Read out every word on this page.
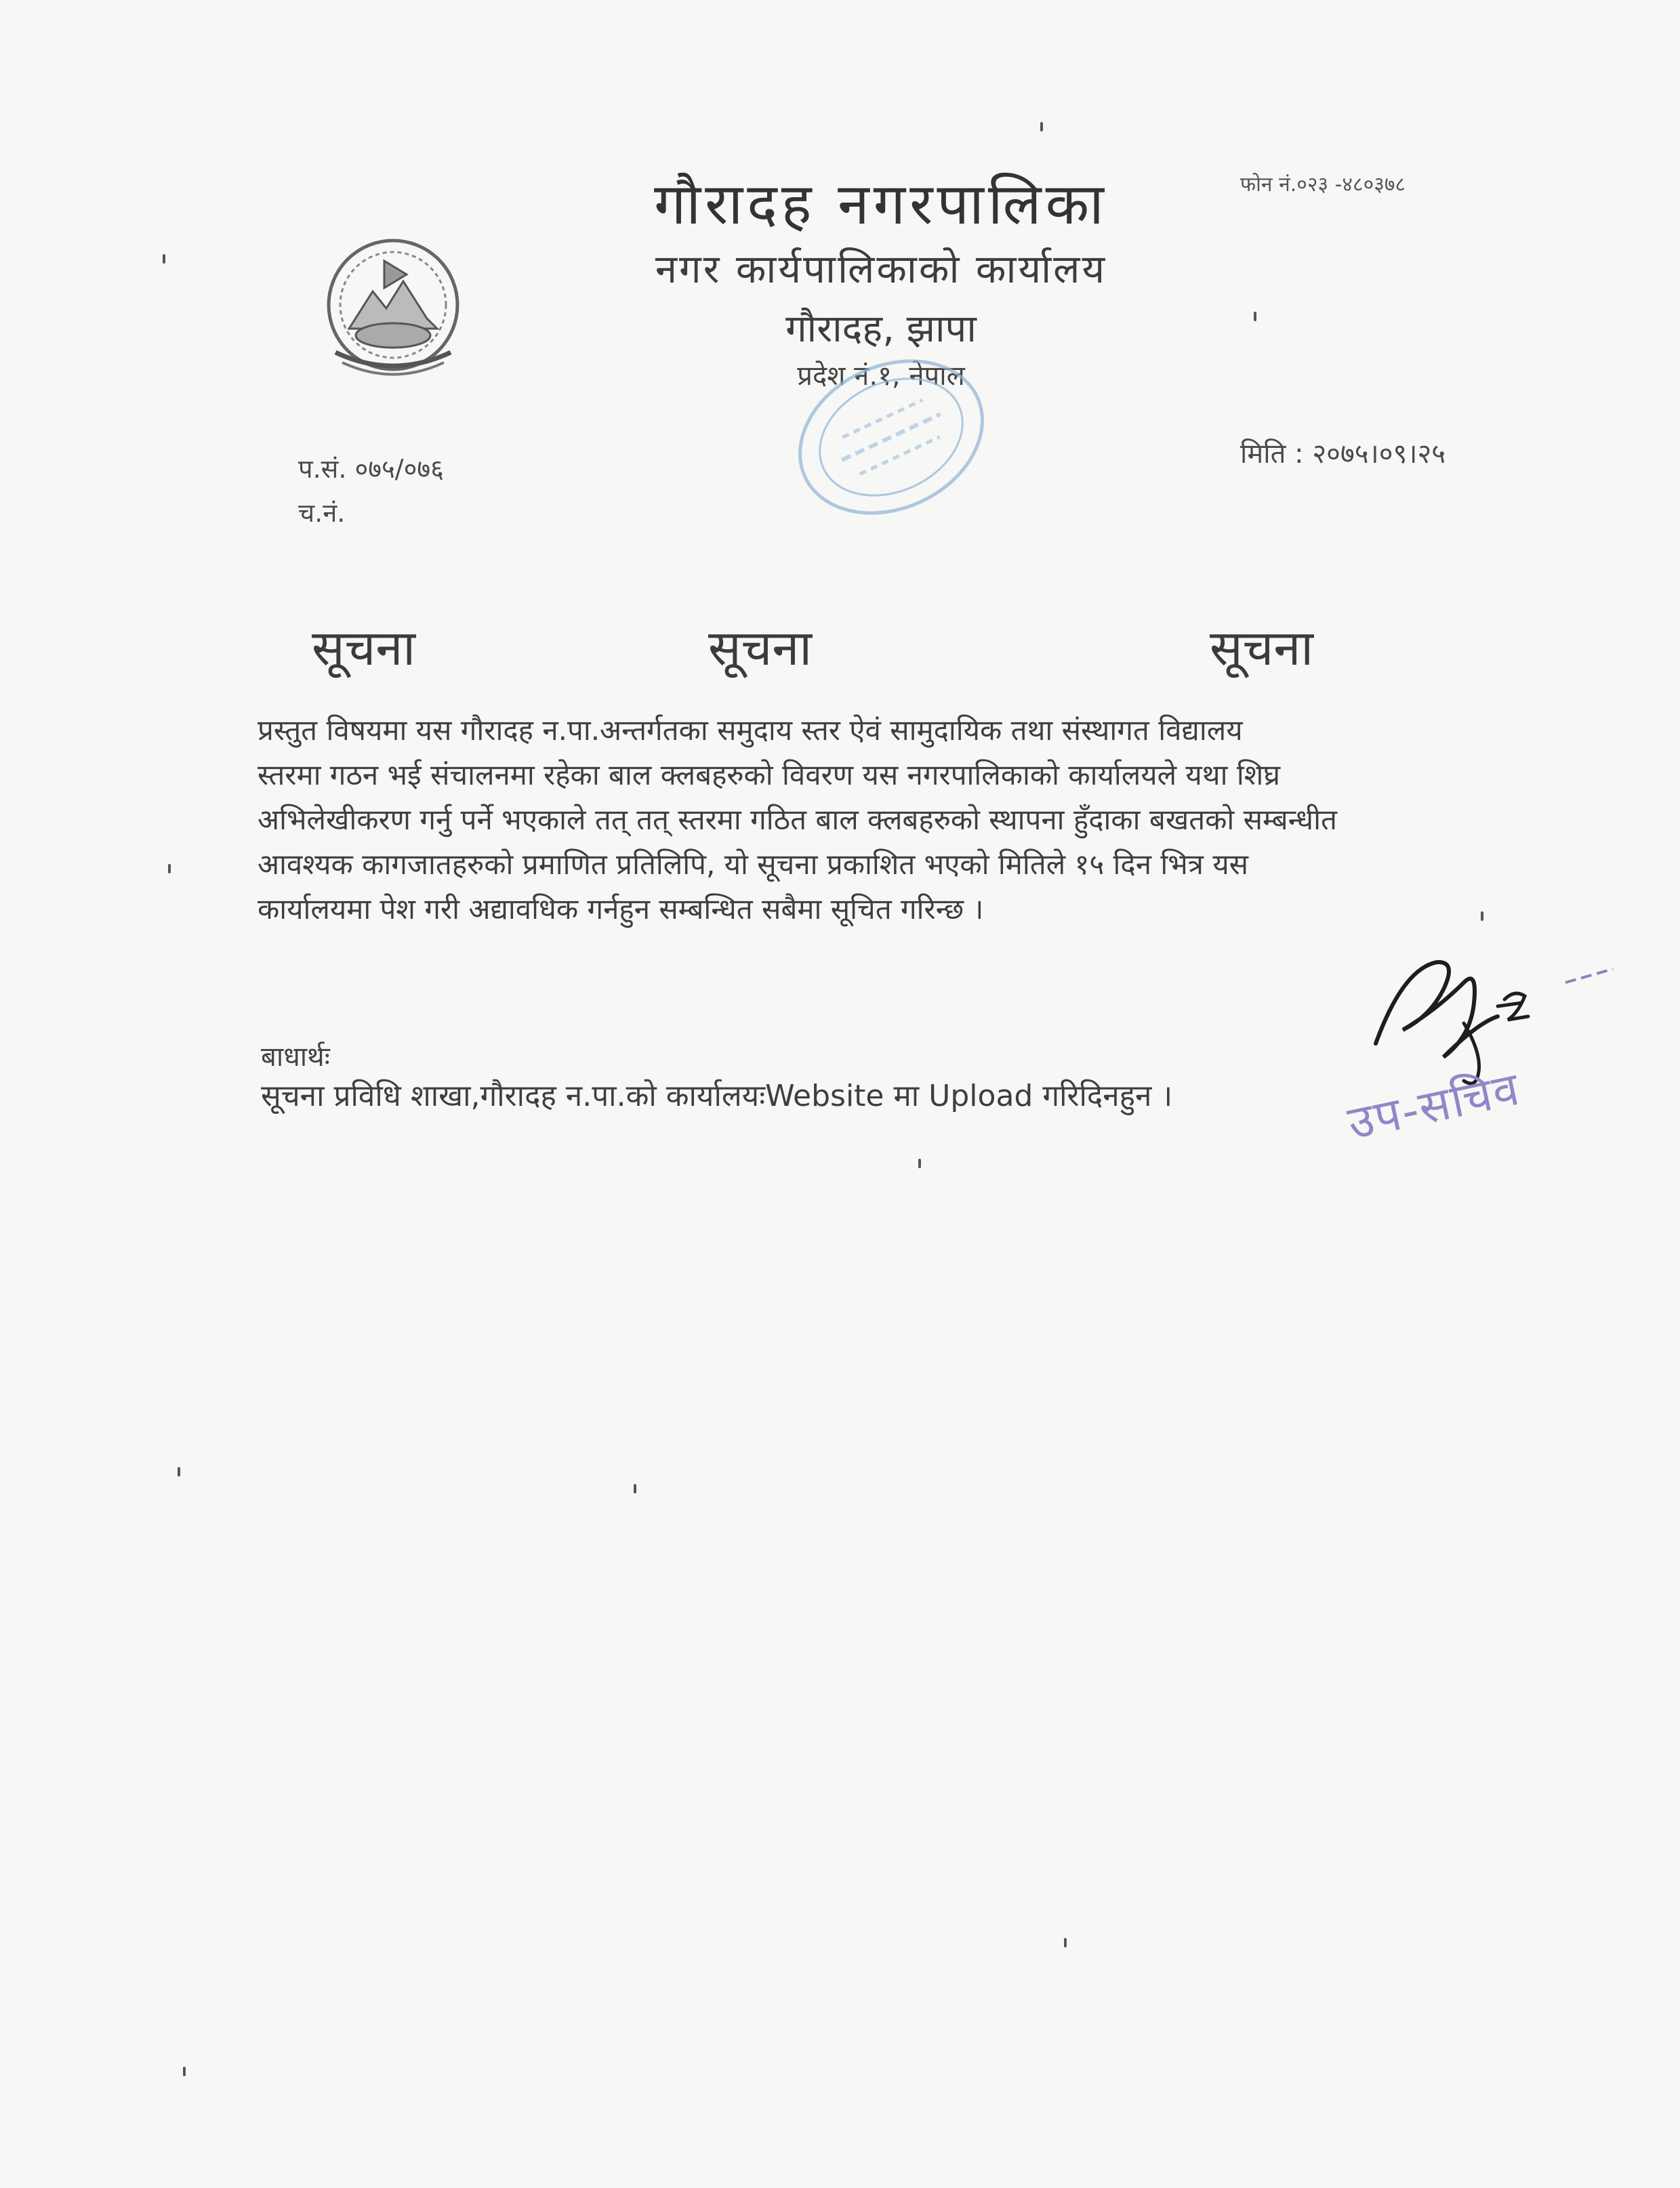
गौरादह नगरपालिका	फोन नं.०२३ -४८०३७८
नगर कार्यपालिकाको कार्यालय
गौरादह, झापा
प्रदेश नं.१, नेपाल
प.सं. ०७५/०७६
च.नं.
मिति : २०७५।०९।२५
सूचना	सूचना	सूचना

प्रस्तुत विषयमा यस गौरादह न.पा.अन्तर्गतका समुदाय स्तर ऐवं सामुदायिक तथा संस्थागत विद्यालय

स्तरमा गठन भई संचालनमा रहेका बाल क्लबहरुको विवरण यस नगरपालिकाको कार्यालयले यथा शिघ्र

अभिलेखीकरण गर्नु पर्ने भएकाले तत् तत् स्तरमा गठित बाल क्लबहरुको स्थापना हुँदाका बखतको सम्बन्धीत

आवश्यक कागजातहरुको प्रमाणित प्रतिलिपि, यो सूचना प्रकाशित भएको मितिले १५ दिन भित्र यस

कार्यालयमा पेश गरी अद्यावधिक गर्नहुन सम्बन्धित सबैमा सूचित गरिन्छ ।

बाधार्थः
सूचना प्रविधि शाखा,गौरादह न.पा.को कार्यालयःWebsite मा Upload गरिदिनहुन ।	उप-सचिव
